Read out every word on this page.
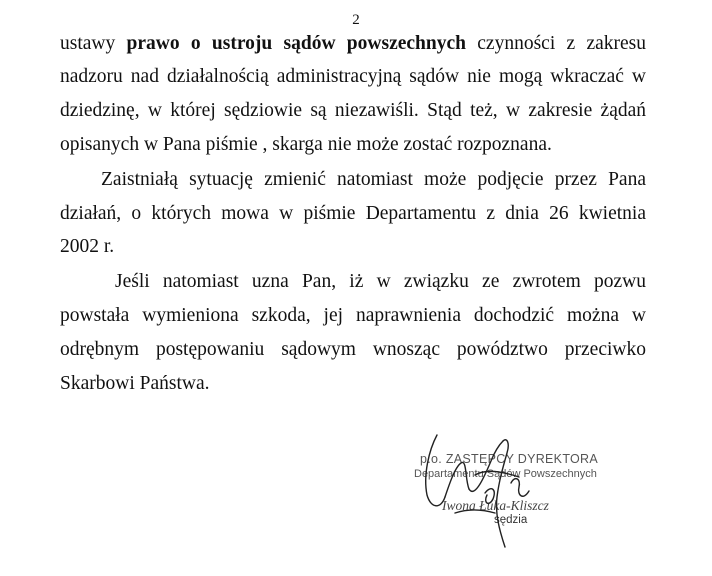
2
ustawy prawo o ustroju sądów powszechnych czynności z zakresu
nadzoru nad działalnością administracyjną sądów nie mogą wkraczać w
dziedzinę, w której sędziowie są niezawiśli. Stąd też, w zakresie żądań
opisanych w Pana piśmie , skarga nie może zostać rozpoznana.
Zaistniałą sytuację zmienić natomiast może podjęcie przez Pana
działań, o których mowa w piśmie Departamentu z dnia 26 kwietnia
2002 r.
Jeśli natomiast uzna Pan, iż w związku ze zwrotem pozwu
powstała wymieniona szkoda, jej naprawnienia dochodzić można w
odrębnym postępowaniu sądowym wnosząc powództwo przeciwko
Skarbowi Państwa.
p.o. ZASTĘPCY DYREKTORA
Departamentu Sądów Powszechnych
Iwona Łuka-Kliszcz
sędzia
